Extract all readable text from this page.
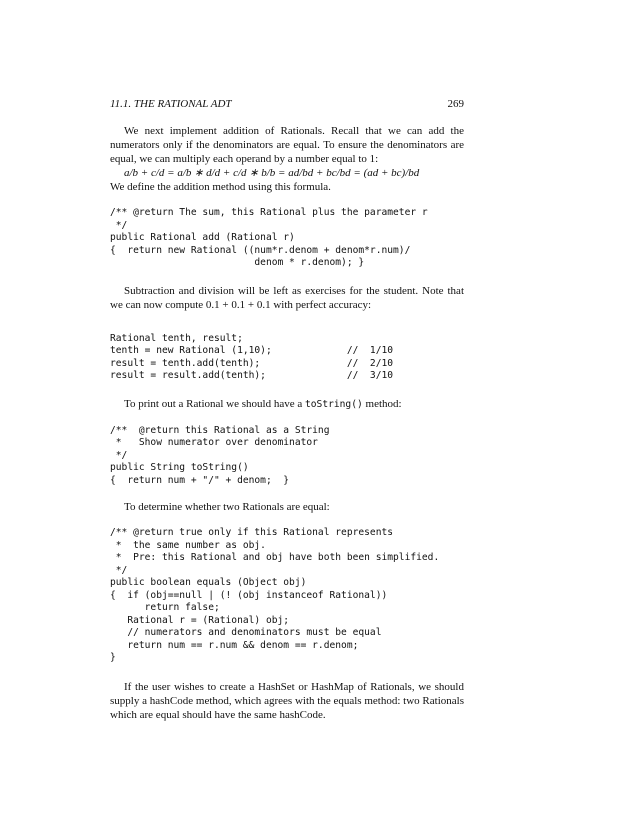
11.1. THE RATIONAL ADT	269

We next implement addition of Rationals. Recall that we can add the numerators only if the denominators are equal. To ensure the denominators are equal, we can multiply each operand by a number equal to 1:

a/b + c/d = a/b ∗ d/d + c/d ∗ b/b = ad/bd + bc/bd = (ad + bc)/bd

We define the addition method using this formula.

/** @return The sum, this Rational plus the parameter r
*/
public Rational add (Rational r)
{  return new Rational ((num*r.denom + denom*r.num)/
denom * r.denom); }

Subtraction and division will be left as exercises for the student. Note that we can now compute 0.1 + 0.1 + 0.1 with perfect accuracy:

Rational tenth, result;
tenth = new Rational (1,10);             //  1/10
result = tenth.add(tenth);               //  2/10
result = result.add(tenth);              //  3/10

To print out a Rational we should have a toString() method:

/**  @return this Rational as a String
*   Show numerator over denominator
*/
public String toString()
{  return num + "/" + denom;  }

To determine whether two Rationals are equal:

/** @return true only if this Rational represents
*  the same number as obj.
*  Pre: this Rational and obj have both been simplified.
*/
public boolean equals (Object obj)
{  if (obj==null | (! (obj instanceof Rational))
return false;
Rational r = (Rational) obj;
// numerators and denominators must be equal
return num == r.num && denom == r.denom;
}

If the user wishes to create a HashSet or HashMap of Rationals, we should supply a hashCode method, which agrees with the equals method: two Rationals which are equal should have the same hashCode.
